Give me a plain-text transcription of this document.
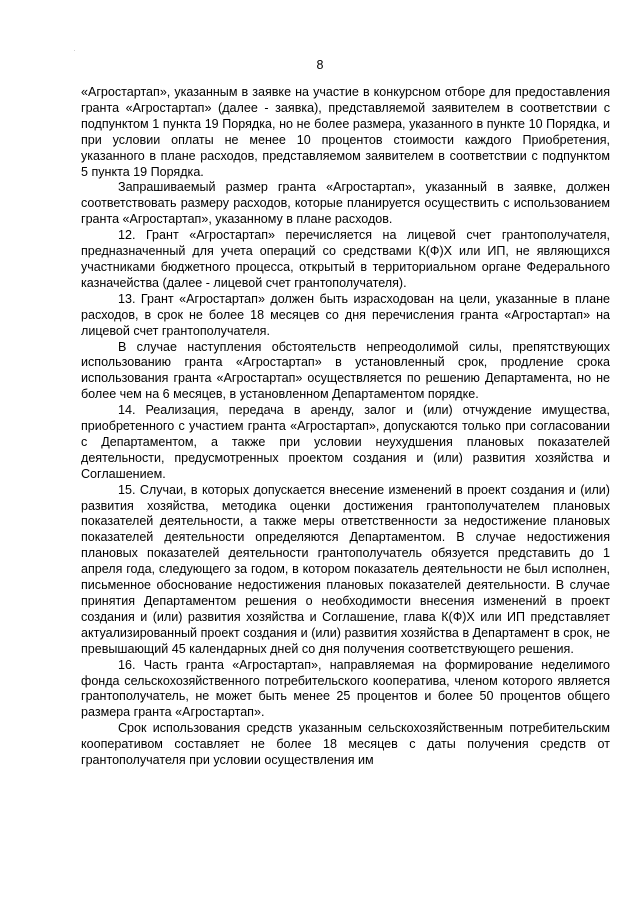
8

«Агростартап», указанным в заявке на участие в конкурсном отборе для предоставления гранта «Агростартап» (далее - заявка), представляемой заявителем в соответствии с подпунктом 1 пункта 19 Порядка, но не более размера, указанного в пункте 10 Порядка, и при условии оплаты не менее 10 процентов стоимости каждого Приобретения, указанного в плане расходов, представляемом заявителем в соответствии с подпунктом 5 пункта 19 Порядка.

Запрашиваемый размер гранта «Агростартап», указанный в заявке, должен соответствовать размеру расходов, которые планируется осуществить с использованием гранта «Агростартап», указанному в плане расходов.

12. Грант «Агростартап» перечисляется на лицевой счет грантополучателя, предназначенный для учета операций со средствами К(Ф)Х или ИП, не являющихся участниками бюджетного процесса, открытый в территориальном органе Федерального казначейства (далее - лицевой счет грантополучателя).

13. Грант «Агростартап» должен быть израсходован на цели, указанные в плане расходов, в срок не более 18 месяцев со дня перечисления гранта «Агростартап» на лицевой счет грантополучателя.

В случае наступления обстоятельств непреодолимой силы, препятствующих использованию гранта «Агростартап» в установленный срок, продление срока использования гранта «Агростартап» осуществляется по решению Департамента, но не более чем на 6 месяцев, в установленном Департаментом порядке.

14. Реализация, передача в аренду, залог и (или) отчуждение имущества, приобретенного с участием гранта «Агростартап», допускаются только при согласовании с Департаментом, а также при условии неухудшения плановых показателей деятельности, предусмотренных проектом создания и (или) развития хозяйства и Соглашением.

15. Случаи, в которых допускается внесение изменений в проект создания и (или) развития хозяйства, методика оценки достижения грантополучателем плановых показателей деятельности, а также меры ответственности за недостижение плановых показателей деятельности определяются Департаментом. В случае недостижения плановых показателей деятельности грантополучатель обязуется представить до 1 апреля года, следующего за годом, в котором показатель деятельности не был исполнен, письменное обоснование недостижения плановых показателей деятельности. В случае принятия Департаментом решения о необходимости внесения изменений в проект создания и (или) развития хозяйства и Соглашение, глава К(Ф)Х или ИП представляет актуализированный проект создания и (или) развития хозяйства в Департамент в срок, не превышающий 45 календарных дней со дня получения соответствующего решения.

16. Часть гранта «Агростартап», направляемая на формирование неделимого фонда сельскохозяйственного потребительского кооператива, членом которого является грантополучатель, не может быть менее 25 процентов и более 50 процентов общего размера гранта «Агростартап».

Срок использования средств указанным сельскохозяйственным потребительским кооперативом составляет не более 18 месяцев с даты получения средств от грантополучателя при условии осуществления им
